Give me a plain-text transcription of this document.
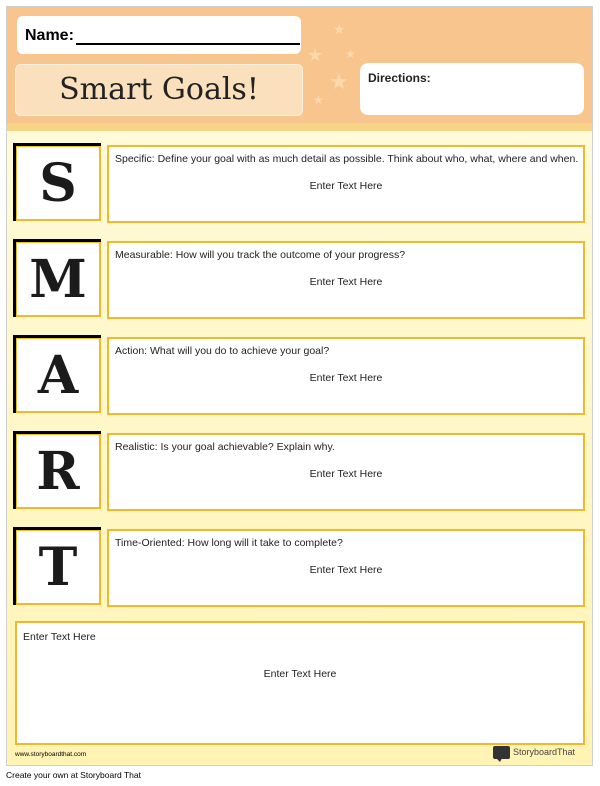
Name:
Smart Goals!
★
★
★
★
★
Directions:
S	Specific: Define your goal with as much detail as possible. Think about who, what, where and when.
Enter Text Here
M	Measurable: How will you track the outcome of your progress?
Enter Text Here
A	Action: What will you do to achieve your goal?
Enter Text Here
R	Realistic: Is your goal achievable? Explain why.
Enter Text Here
T	Time-Oriented: How long will it take to complete?
Enter Text Here
Enter Text Here
Enter Text Here
www.storyboardthat.com	StoryboardThat
Create your own at Storyboard That
